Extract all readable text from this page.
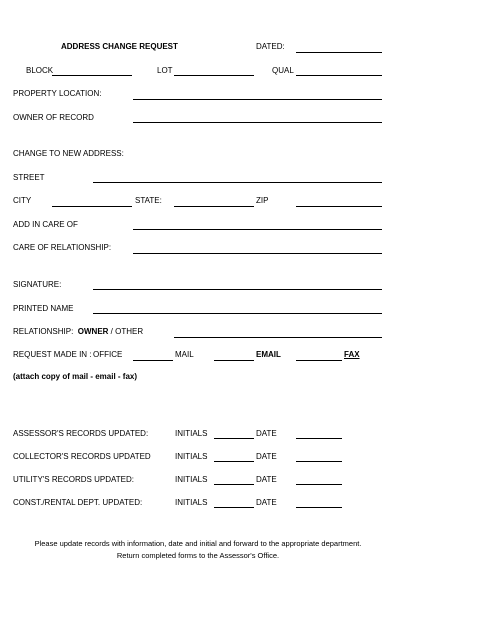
ADDRESS CHANGE REQUEST	DATED:
BLOCK	LOT	QUAL
PROPERTY LOCATION:
OWNER OF RECORD
CHANGE TO NEW ADDRESS:
STREET
CITY	STATE:	ZIP
ADD IN CARE OF
CARE OF RELATIONSHIP:
SIGNATURE:
PRINTED NAME
RELATIONSHIP: OWNER / OTHER
REQUEST MADE IN : OFFICE	MAIL	EMAIL	FAX
(attach copy of mail - email - fax)
ASSESSOR'S RECORDS UPDATED:	INITIALS	DATE
COLLECTOR'S RECORDS UPDATED	INITIALS	DATE
UTILITY'S RECORDS UPDATED:	INITIALS	DATE
CONST./RENTAL DEPT. UPDATED:	INITIALS	DATE
Please update records with information, date and initial and forward to the appropriate department.
Return completed forms to the Assessor's Office.
